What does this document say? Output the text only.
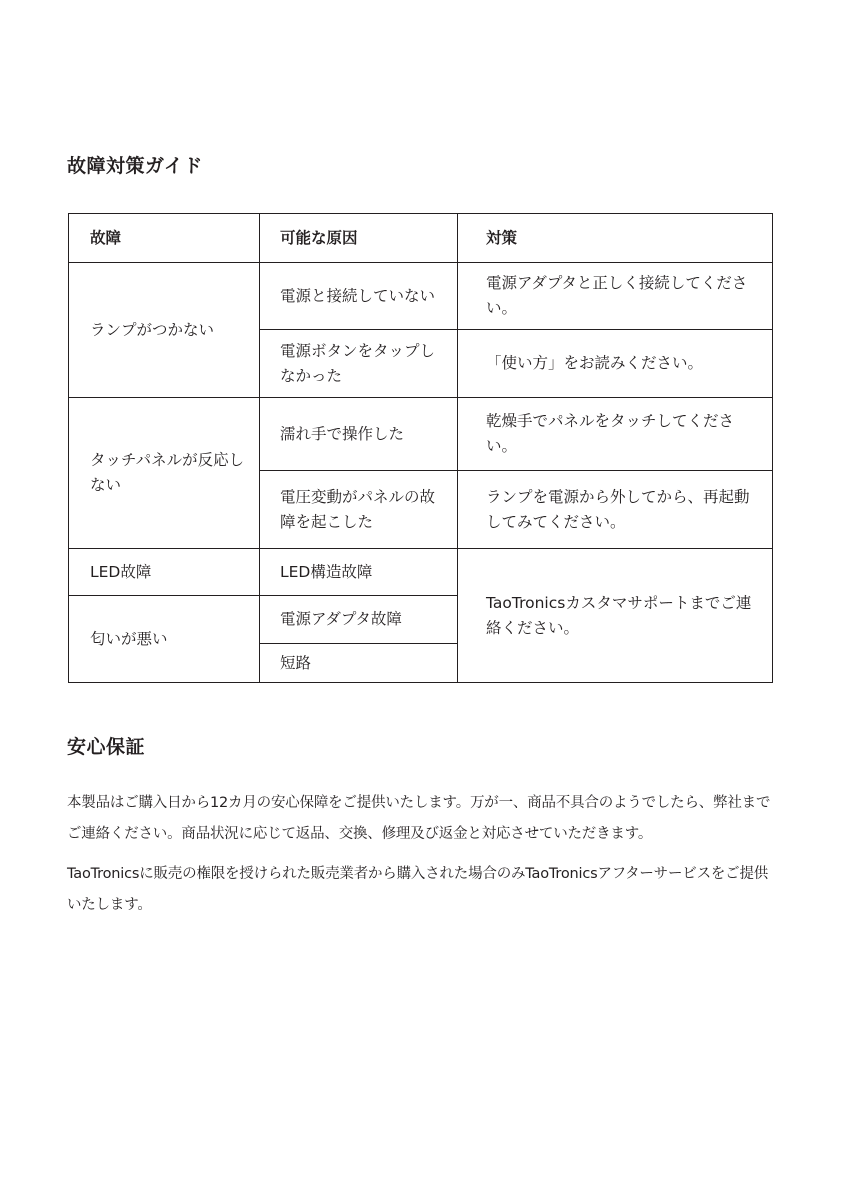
故障対策ガイド
故障	可能な原因	対策
ランプがつかない	電源と接続していない	電源アダプタと正しく接続してください。
	電源ボタンをタップしなかった	「使い方」をお読みください。
タッチパネルが反応しない	濡れ手で操作した	乾燥手でパネルをタッチしてください。
	電圧変動がパネルの故障を起こした	ランプを電源から外してから、再起動してみてください。
LED故障	LED構造故障	TaoTronicsカスタマサポートまでご連絡ください。
匂いが悪い	電源アダプタ故障	
	短路	
安心保証

本製品はご購入日から12カ月の安心保障をご提供いたします。万が一、商品不具合のようでしたら、弊社までご連絡ください。商品状況に応じて返品、交換、修理及び返金と対応させていただきます。

TaoTronicsに販売の権限を授けられた販売業者から購入された場合のみTaoTronicsアフターサービスをご提供いたします。
